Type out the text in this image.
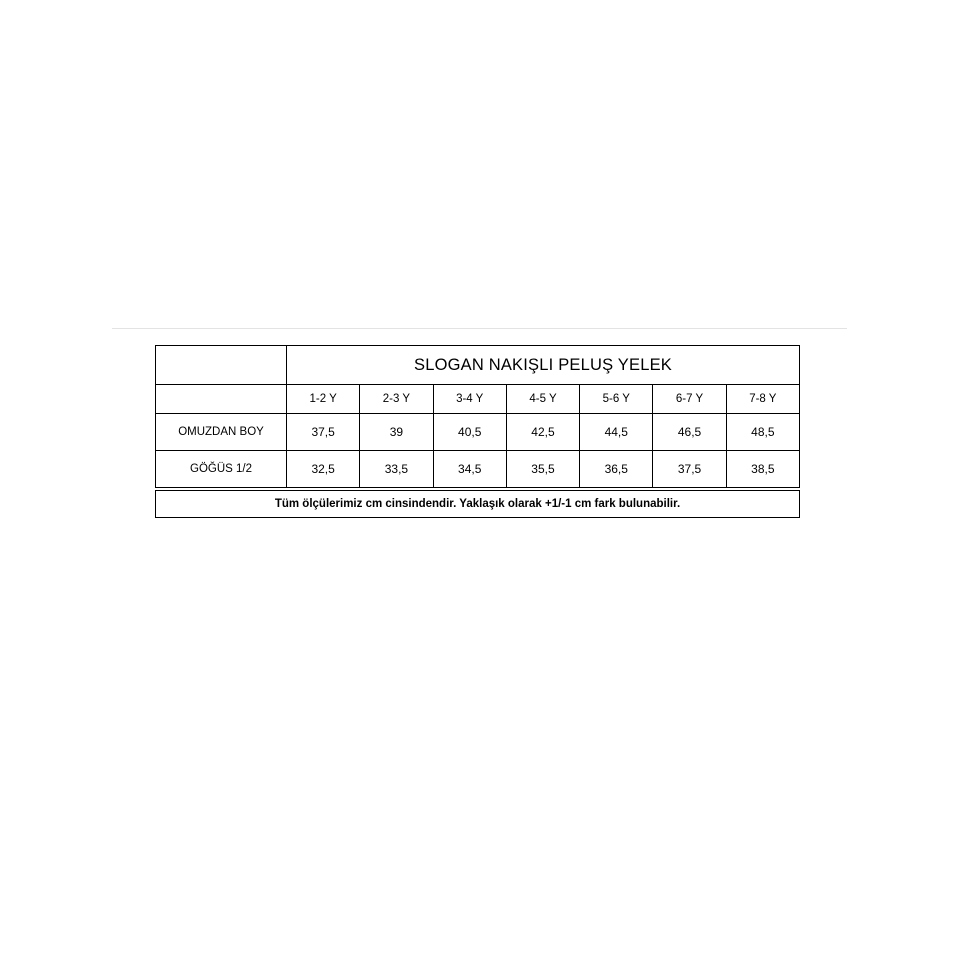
	SLOGAN NAKIŞLI PELUŞ YELEK						
	1-2 Y	2-3 Y	3-4 Y	4-5 Y	5-6 Y	6-7 Y	7-8 Y
OMUZDAN BOY	37,5	39	40,5	42,5	44,5	46,5	48,5
GÖĞÜS 1/2	32,5	33,5	34,5	35,5	36,5	37,5	38,5
Tüm ölçülerimiz cm cinsindendir. Yaklaşık olarak +1/-1 cm fark bulunabilir.
